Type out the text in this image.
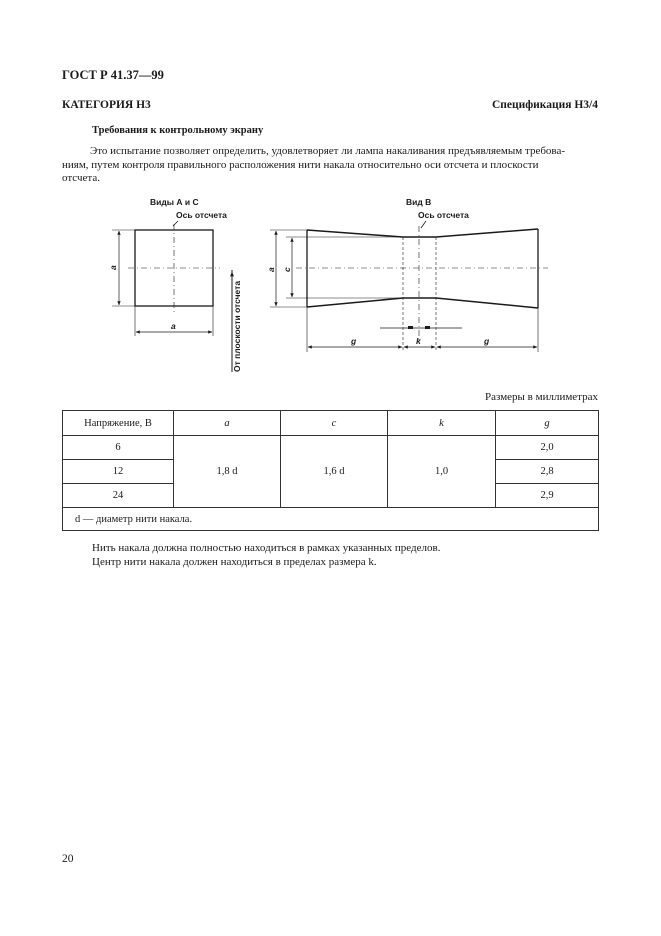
ГОСТ Р 41.37—99
КАТЕГОРИЯ Н3	Спецификация Н3/4
Требования к контрольному экрану
Это испытание позволяет определить, удовлетворяет ли лампа накаливания предъявляемым требова-
ниям, путем контроля правильного расположения нити накала относительно оси отсчета и плоскости
отсчета.
Виды А и С
Ось отсчета
a
a	От плоскости отсчета
Вид В
Ось отсчета
a c
g	k	g
Размеры в миллиметрах
Напряжение, В	a	c	k	g
6	1,8 d	1,6 d	1,0	2,0
12				2,8
24				2,9
d — диаметр нити накала.				
Нить накала должна полностью находиться в рамках указанных пределов.
Центр нити накала должен находиться в пределах размера k.
20
